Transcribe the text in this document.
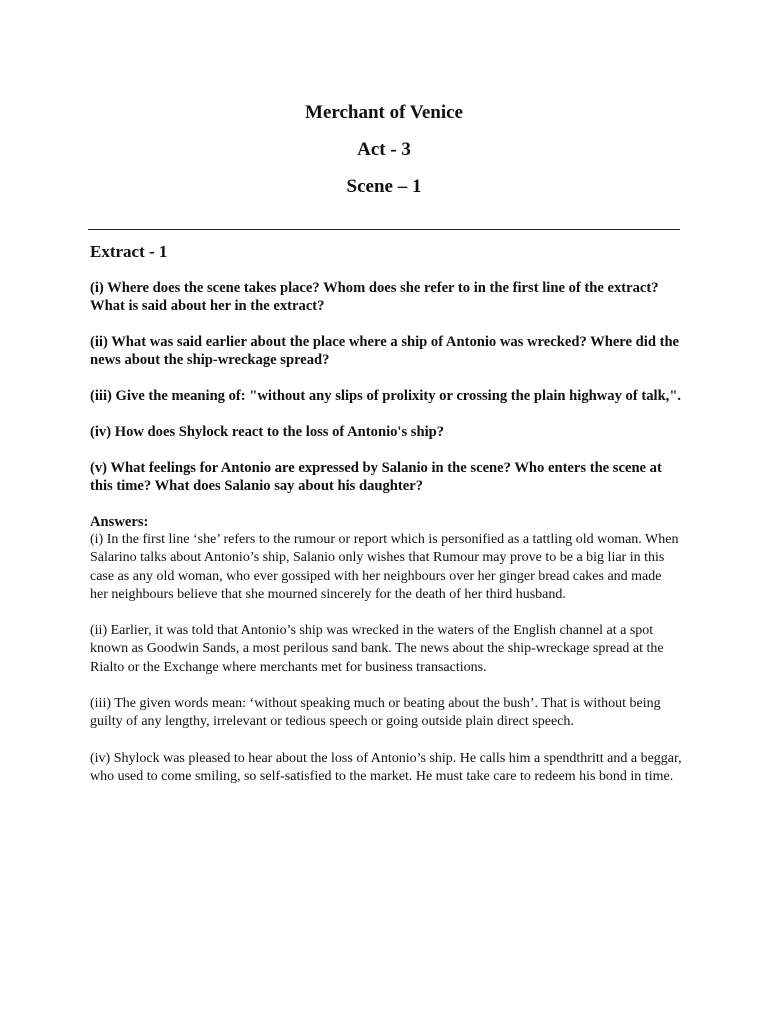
Merchant of Venice

Act - 3

Scene – 1

Extract - 1

(i) Where does the scene takes place? Whom does she refer to in the first line of the extract? What is said about her in the extract?

(ii) What was said earlier about the place where a ship of Antonio was wrecked? Where did the news about the ship-wreckage spread?

(iii) Give the meaning of: "without any slips of prolixity or crossing the plain highway of talk,".

(iv) How does Shylock react to the loss of Antonio's ship?

(v) What feelings for Antonio are expressed by Salanio in the scene? Who enters the scene at this time? What does Salanio say about his daughter?

Answers:

(i) In the first line ‘she’ refers to the rumour or report which is personified as a tattling old woman. When Salarino talks about Antonio’s ship, Salanio only wishes that Rumour may prove to be a big liar in this case as any old woman, who ever gossiped with her neighbours over her ginger bread cakes and made her neighbours believe that she mourned sincerely for the death of her third husband.

(ii) Earlier, it was told that Antonio’s ship was wrecked in the waters of the English channel at a spot known as Goodwin Sands, a most perilous sand bank. The news about the ship-wreckage spread at the Rialto or the Exchange where merchants met for business transactions.

(iii) The given words mean: ‘without speaking much or beating about the bush’. That is without being guilty of any lengthy, irrelevant or tedious speech or going outside plain direct speech.

(iv) Shylock was pleased to hear about the loss of Antonio’s ship. He calls him a spendthritt and a beggar, who used to come smiling, so self-satisfied to the market. He must take care to redeem his bond in time.
